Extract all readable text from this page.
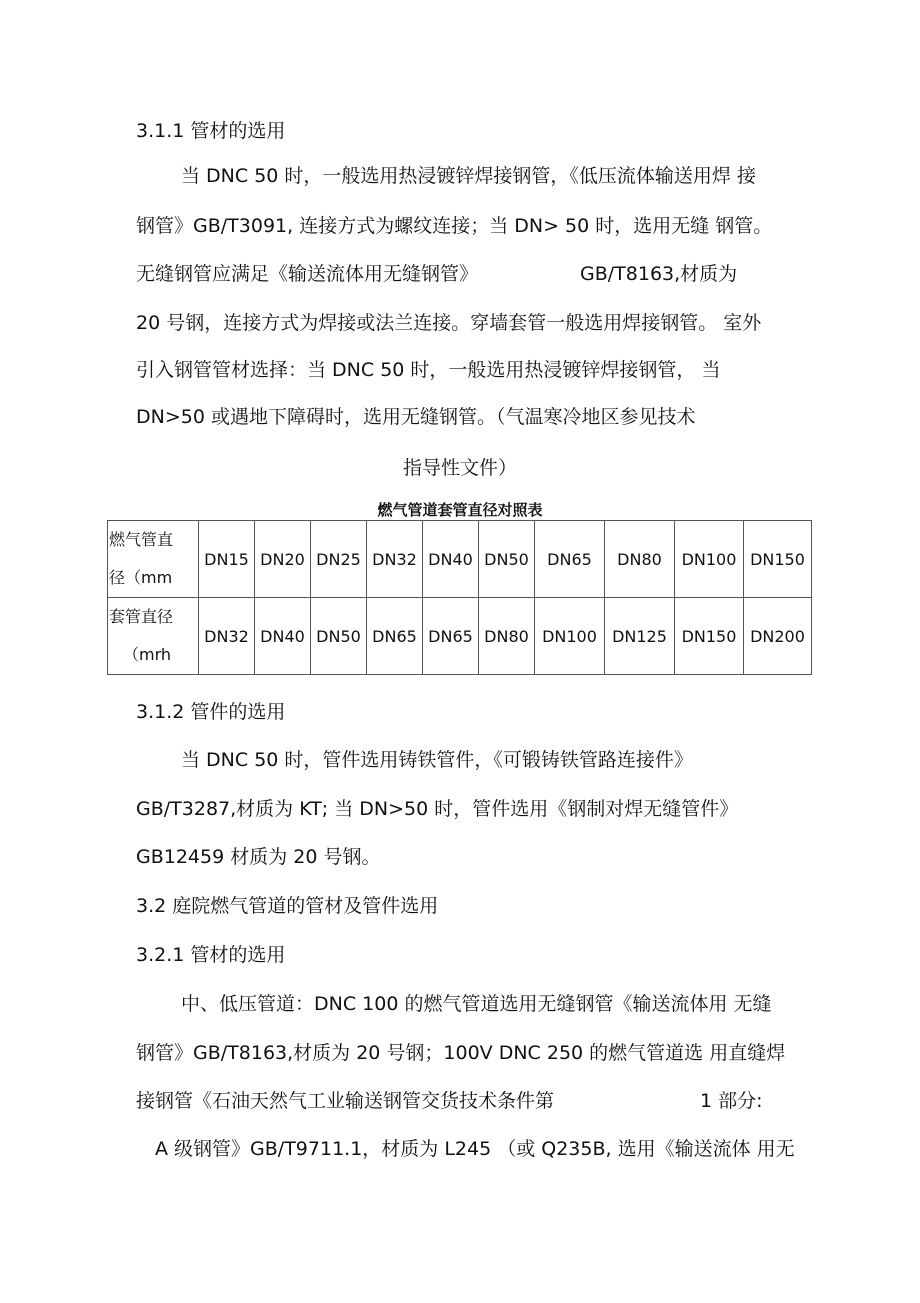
3.1.1 管材的选用
当 DNC 50 时，一般选用热浸镀锌焊接钢管，《低压流体输送用焊 接
钢管》GB/T3091, 连接方式为螺纹连接；当 DN> 50 时，选用无缝 钢管。
无缝钢管应满足《输送流体用无缝钢管》	GB/T8163,材质为
20 号钢，连接方式为焊接或法兰连接。穿墙套管一般选用焊接钢管。 室外
引入钢管管材选择：当 DNC 50 时，一般选用热浸镀锌焊接钢管， 当
DN>50 或遇地下障碍时，选用无缝钢管。（气温寒冷地区参见技术
指导性文件）
燃气管道套管直径对照表
燃气管直
径（mm	DN15	DN20	DN25	DN32	DN40	DN50	DN65	DN80	DN100	DN150
套管直径
（mrh	DN32	DN40	DN50	DN65	DN65	DN80	DN100	DN125	DN150	DN200
3.1.2 管件的选用
当 DNC 50 时，管件选用铸铁管件，《可锻铸铁管路连接件》
GB/T3287,材质为 KT; 当 DN>50 时，管件选用《钢制对焊无缝管件》
GB12459 材质为 20 号钢。
3.2 庭院燃气管道的管材及管件选用
3.2.1 管材的选用
中、低压管道：DNC 100 的燃气管道选用无缝钢管《输送流体用 无缝
钢管》GB/T8163,材质为 20 号钢；100V DNC 250 的燃气管道选 用直缝焊
接钢管《石油天然气工业输送钢管交货技术条件第	1 部分:
A 级钢管》GB/T9711.1，材质为 L245 （或 Q235B, 选用《输送流体 用无
